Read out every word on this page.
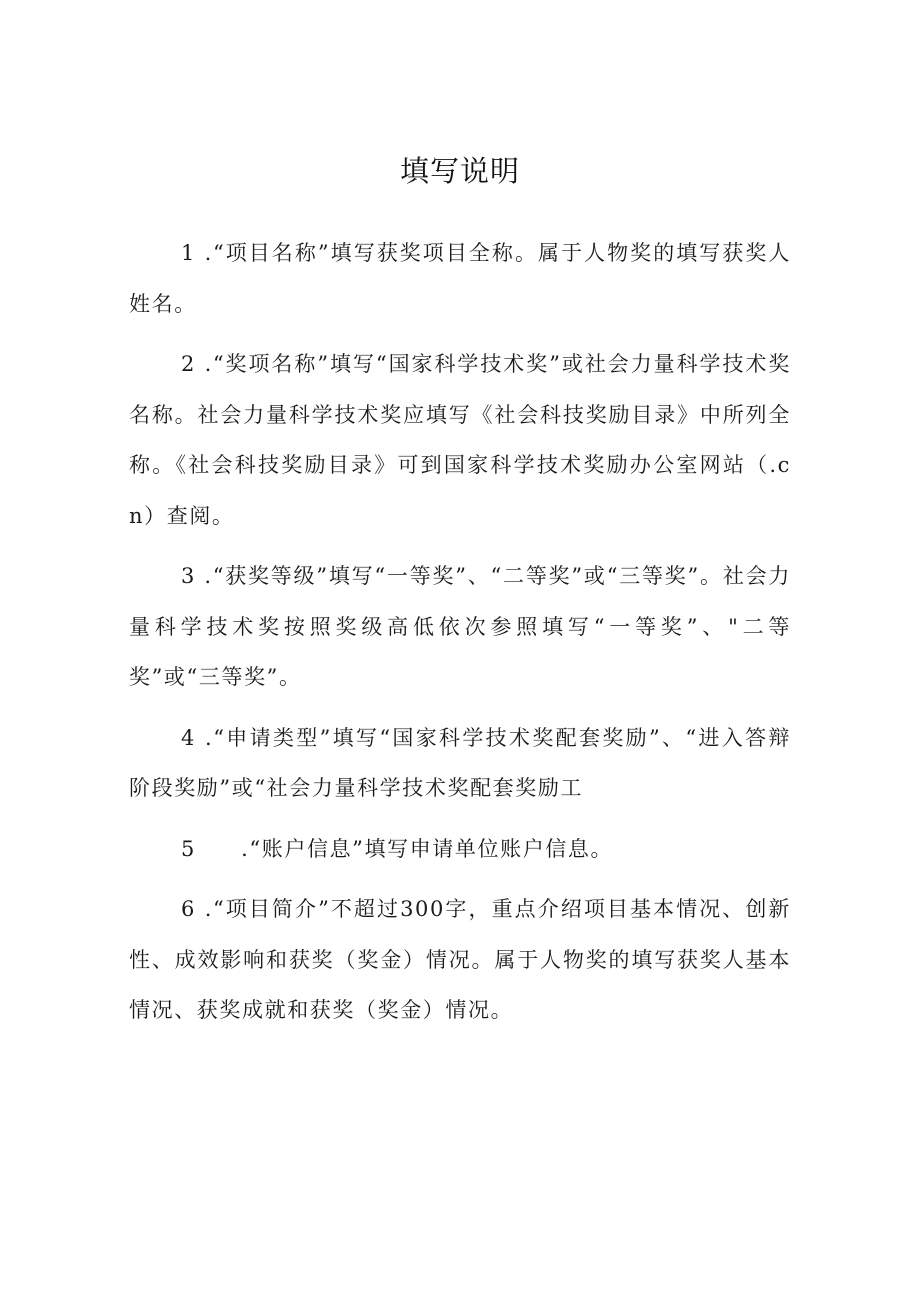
填写说明

1 .“项目名称”填写获奖项目全称。属于人物奖的填写获奖人姓名。

2 .“奖项名称”填写“国家科学技术奖”或社会力量科学技术奖名称。社会力量科学技术奖应填写《社会科技奖励目录》中所列全称。《社会科技奖励目录》可到国家科学技术奖励办公室网站（.cn）查阅。

3 .“获奖等级”填写“一等奖”、“二等奖”或“三等奖”。社会力量科学技术奖按照奖级高低依次参照填写“一等奖”、"二等奖”或“三等奖”。

4 .“申请类型”填写“国家科学技术奖配套奖励”、“进入答辩阶段奖励”或“社会力量科学技术奖配套奖励工

5　　.“账户信息”填写申请单位账户信息。

6 .“项目简介”不超过300字，重点介绍项目基本情况、创新性、成效影响和获奖（奖金）情况。属于人物奖的填写获奖人基本情况、获奖成就和获奖（奖金）情况。
